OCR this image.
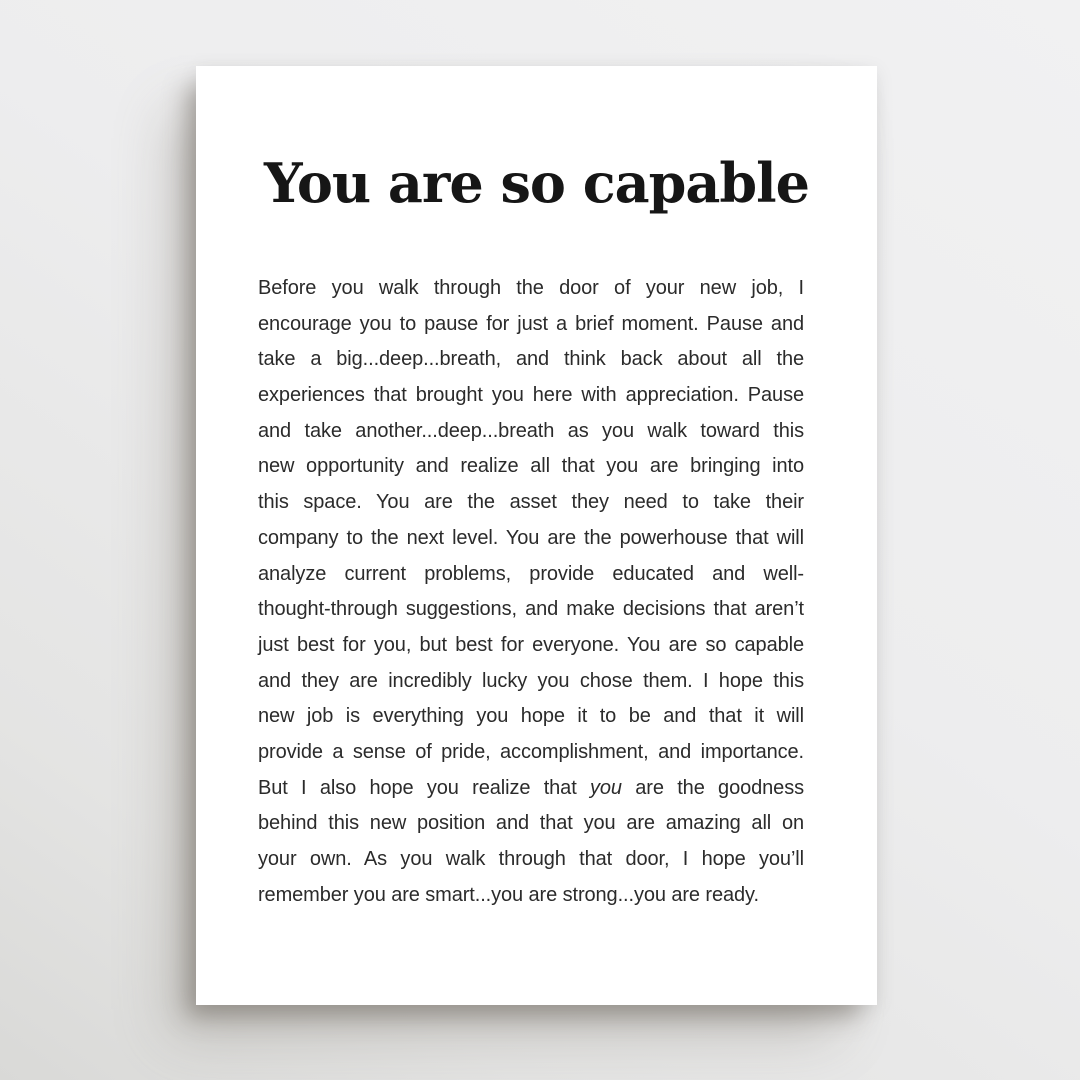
You are so capable
Before you walk through the door of your new job, I
encourage you to pause for just a brief moment. Pause and
take a big...deep...breath, and think back about all the
experiences that brought you here with appreciation. Pause
and take another...deep...breath as you walk toward this
new opportunity and realize all that you are bringing into
this space. You are the asset they need to take their
company to the next level. You are the powerhouse that will
analyze current problems, provide educated and well-
thought-through suggestions, and make decisions that aren’t
just best for you, but best for everyone. You are so capable
and they are incredibly lucky you chose them. I hope this
new job is everything you hope it to be and that it will
provide a sense of pride, accomplishment, and importance.
But I also hope you realize that you are the goodness
behind this new position and that you are amazing all on
your own. As you walk through that door, I hope you’ll
remember you are smart...you are strong...you are ready.
